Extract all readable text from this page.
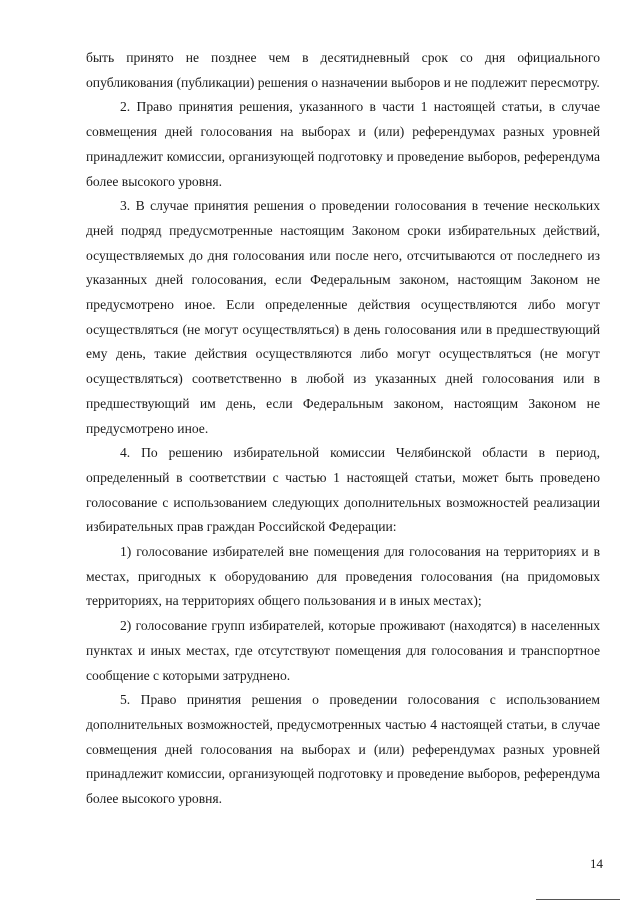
быть принято не позднее чем в десятидневный срок со дня официального опубликования (публикации) решения о назначении выборов и не подлежит пересмотру.

2. Право принятия решения, указанного в части 1 настоящей статьи, в случае совмещения дней голосования на выборах и (или) референдумах разных уровней принадлежит комиссии, организующей подготовку и проведение выборов, референдума более высокого уровня.

3. В случае принятия решения о проведении голосования в течение нескольких дней подряд предусмотренные настоящим Законом сроки избирательных действий, осуществляемых до дня голосования или после него, отсчитываются от последнего из указанных дней голосования, если Федеральным законом, настоящим Законом не предусмотрено иное. Если определенные действия осуществляются либо могут осуществляться (не могут осуществляться) в день голосования или в предшествующий ему день, такие действия осуществляются либо могут осуществляться (не могут осуществляться) соответственно в любой из указанных дней голосования или в предшествующий им день, если Федеральным законом, настоящим Законом не предусмотрено иное.

4. По решению избирательной комиссии Челябинской области в период, определенный в соответствии с частью 1 настоящей статьи, может быть проведено голосование с использованием следующих дополнительных возможностей реализации избирательных прав граждан Российской Федерации:

1) голосование избирателей вне помещения для голосования на территориях и в местах, пригодных к оборудованию для проведения голосования (на придомовых территориях, на территориях общего пользования и в иных местах);

2) голосование групп избирателей, которые проживают (находятся) в населенных пунктах и иных местах, где отсутствуют помещения для голосования и транспортное сообщение с которыми затруднено.

5. Право принятия решения о проведении голосования с использованием дополнительных возможностей, предусмотренных частью 4 настоящей статьи, в случае совмещения дней голосования на выборах и (или) референдумах разных уровней принадлежит комиссии, организующей подготовку и проведение выборов, референдума более высокого уровня.

14
